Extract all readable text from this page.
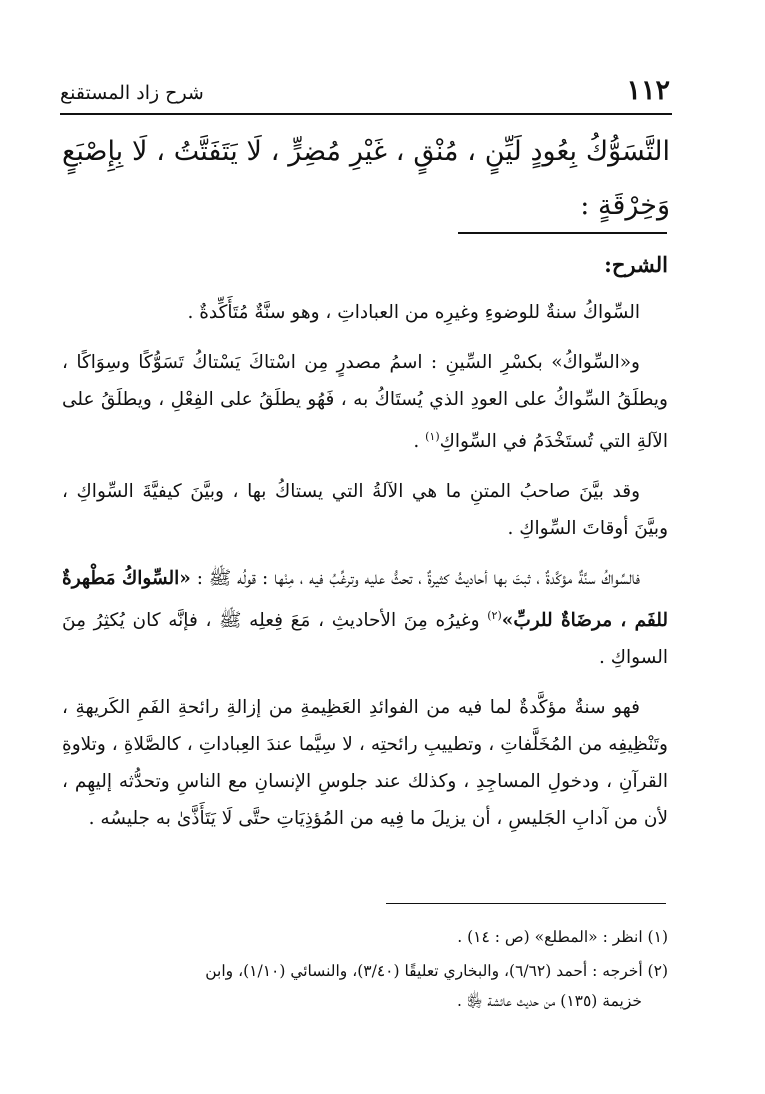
١١٢
شرح زاد المستقنع
التَّسَوُّكُ بِعُودٍ لَيِّنٍ ، مُنْقٍ ، غَيْرِ مُضِرٍّ ، لَا يَتَفَتَّتُ ، لَا بِإِصْبَعٍ وَخِرْقَةٍ :
الشرح:

السِّواكُ سنةٌ للوضوءِ وغيرِه من العباداتِ ، وهو سنَّةٌ مُتَأَكِّدةٌ .

و«السِّواكُ» بكسْرِ السِّينِ : اسمُ مصدرٍ مِن اسْتاكَ يَسْتاكُ تَسَوُّكًا وسِوَاكًا ، ويطلَقُ السِّواكُ على العودِ الذي يُستَاكُ به ، فَهُو يطلَقُ على الفِعْلِ ، ويطلَقُ على الآلةِ التي تُستَخْدَمُ في السِّواكِ$^{(١)}$ .

وقد بيَّنَ صاحبُ المتنِ ما هي الآلةُ التي يستاكُ بها ، وبيَّنَ كيفيَّةَ السِّواكِ ، وبيَّنَ أوقاتَ السِّواكِ .

فالسِّواكُ سنَّةٌ مؤكَّدةٌ ، ثبتَ بها أحاديثُ كثيرةٌ ، تحثُّ عليه وترغِّبُ فيه ، مِنْها : قولُه ﷺ : «السِّواكُ مَطْهرةٌ للفَم ، مرضَاةٌ للربِّ»$^{(٢)}$ وغيرُه مِنَ الأحاديثِ ، مَعَ فِعلِه ﷺ ، فإنَّه كان يُكثِرُ مِنَ السواكِ .

فهو سنةٌ مؤكَّدةٌ لما فيه من الفوائدِ العَظِيمةِ من إزالةِ رائحةِ الفَمِ الكَريهةِ ، وتَنْظِيفِه من المُخَلَّفاتِ ، وتطييبِ رائحتِه ، لا سِيَّما عندَ العِباداتِ ، كالصَّلاةِ ، وتلاوةِ القرآنِ ، ودخولِ المساجِدِ ، وكذلك عند جلوسِ الإنسانِ مع الناسِ وتحدُّثه إليهِم ، لأن من آدابِ الجَليسِ ، أن يزيلَ ما فِيه من المُؤذِيَاتِ حتَّى لَا يَتَأَذَّىٰ به جليسُه .

(١) انظر : «المطلع» (ص : ١٤) .
(٢) أخرجه : أحمد (٦/٦٢)، والبخاري تعليقًا (٣/٤٠)، والنسائي (١/١٠)، وابن
خزيمة (١٣٥) من حديث عائشة ﵂ .
